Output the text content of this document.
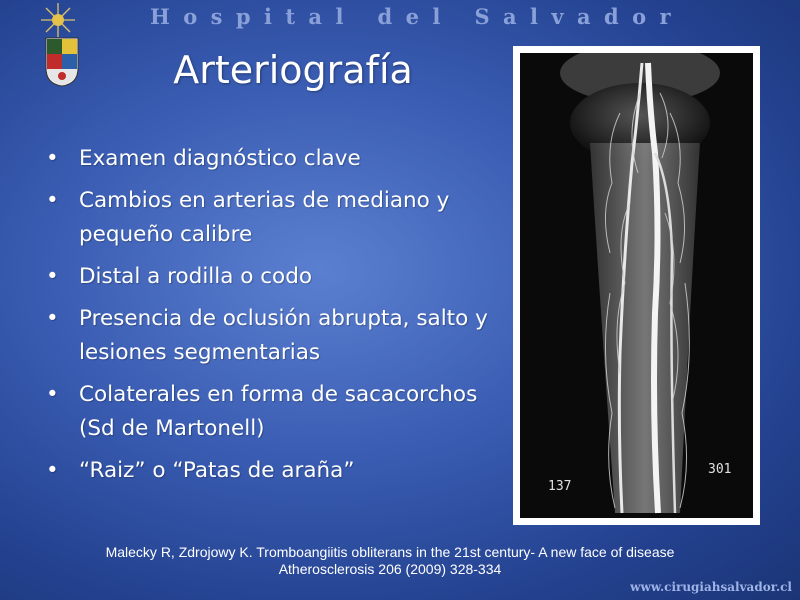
Hospital del Salvador
Arteriografía
• Examen diagnóstico clave
• Cambios en arterias de mediano y pequeño calibre
• Distal a rodilla o codo
• Presencia de oclusión abrupta, salto y lesiones segmentarias
• Colaterales en forma de sacacorchos (Sd de Martonell)
• “Raiz” o “Patas de araña”
137
301
Malecky R, Zdrojowy K. Tromboangiitis obliterans in the 21st century- A new face of disease
Atherosclerosis 206 (2009) 328-334
www.cirugiahsalvador.cl
